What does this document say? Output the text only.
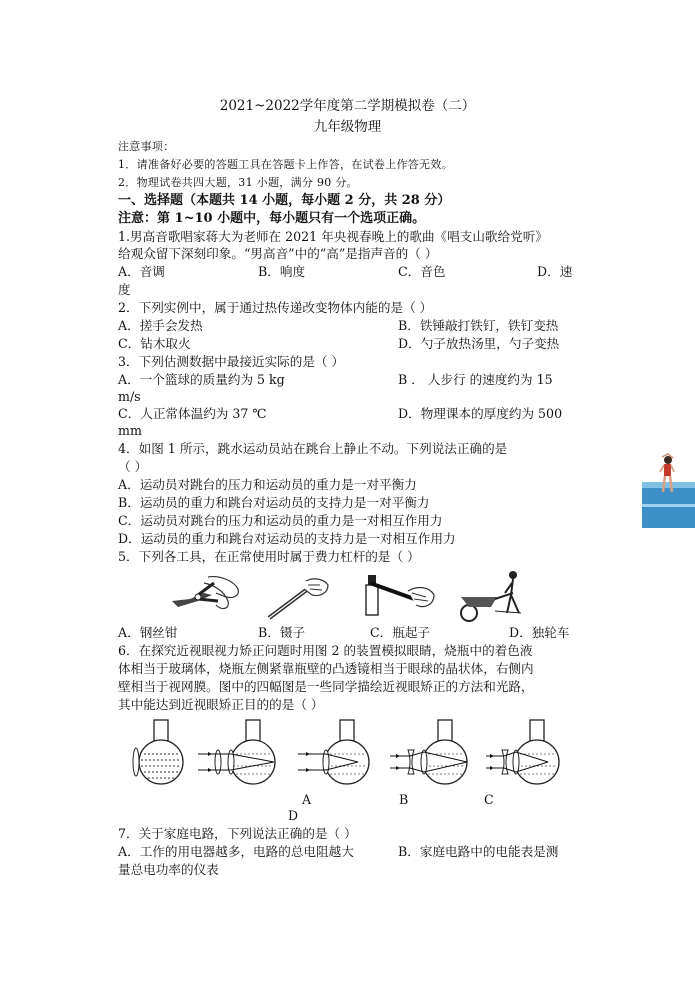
2021~2022学年度第二学期模拟卷（二）
九年级物理
注意事项：
1．请准备好必要的答题工具在答题卡上作答，在试卷上作答无效。
2．物理试卷共四大题，31 小题，满分 90 分。
一、选择题（本题共 14 小题，每小题 2 分，共 28 分）
注意：第 1~10 小题中，每小题只有一个选项正确。
1.男高音歌唱家蒋大为老师在 2021 年央视春晚上的歌曲《唱支山歌给党听》
给观众留下深刻印象。“男高音”中的“高”是指声音的（ ）
A．音调	B．响度	C．音色	D．速
度
2．下列实例中，属于通过热传递改变物体内能的是（ ）
A．搓手会发热	B．铁锤敲打铁钉，铁钉变热
C．钻木取火	D．勺子放热汤里，勺子变热
3．下列估测数据中最接近实际的是（ ）
A．一个篮球的质量约为 5 kg	B ． 人步行 的速度约为 15
m/s
C．人正常体温约为 37 ℃	D．物理课本的厚度约为 500
mm
4．如图 1 所示，跳水运动员站在跳台上静止不动。下列说法正确的是
（ ）
A．运动员对跳台的压力和运动员的重力是一对平衡力
B．运动员的重力和跳台对运动员的支持力是一对平衡力
C．运动员对跳台的压力和运动员的重力是一对相互作用力
D．运动员的重力和跳台对运动员的支持力是一对相互作用力
5．下列各工具，在正常使用时属于费力杠杆的是（ ）
A．钢丝钳	B．镊子	C．瓶起子	D．独轮车
6．在探究近视眼视力矫正问题时用图 2 的装置模拟眼睛，烧瓶中的着色液
体相当于玻璃体，烧瓶左侧紧靠瓶壁的凸透镜相当于眼球的晶状体，右侧内
壁相当于视网膜。图中的四幅图是一些同学描绘近视眼矫正的方法和光路，
其中能达到近视眼矫正目的的是（ ）
A	B	C
D
7．关于家庭电路，下列说法正确的是（ ）
A．工作的用电器越多，电路的总电阻越大	B．家庭电路中的电能表是测
量总电功率的仪表
